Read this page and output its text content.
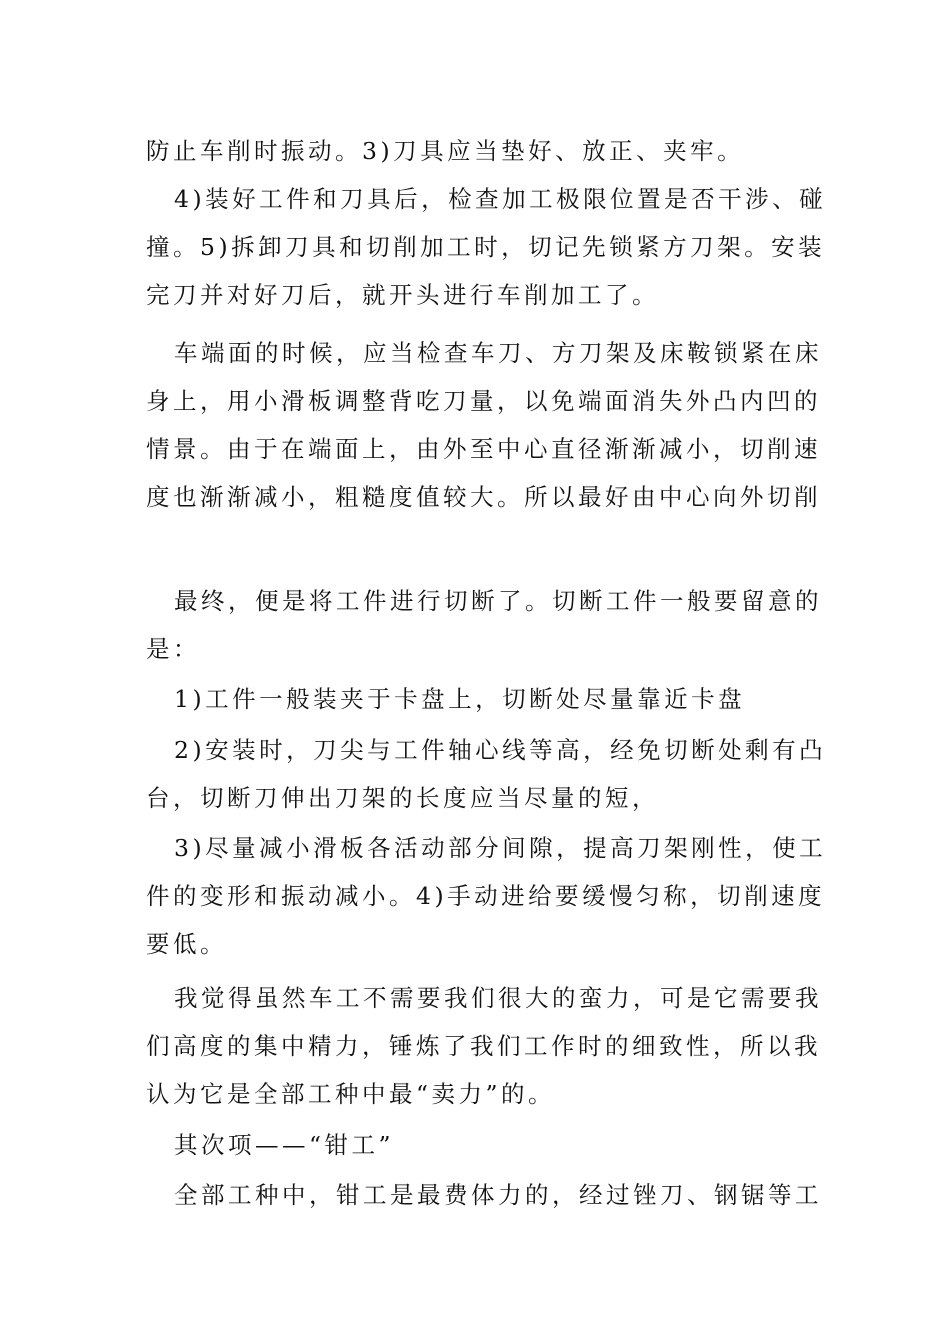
防止车削时振动。3)刀具应当垫好、放正、夹牢。

4)装好工件和刀具后，检查加工极限位置是否干涉、碰
撞。5)拆卸刀具和切削加工时，切记先锁紧方刀架。安装
完刀并对好刀后，就开头进行车削加工了。

车端面的时候，应当检查车刀、方刀架及床鞍锁紧在床
身上，用小滑板调整背吃刀量，以免端面消失外凸内凹的
情景。由于在端面上，由外至中心直径渐渐减小，切削速
度也渐渐减小，粗糙度值较大。所以最好由中心向外切削

最终，便是将工件进行切断了。切断工件一般要留意的
是：

1)工件一般装夹于卡盘上，切断处尽量靠近卡盘

2)安装时，刀尖与工件轴心线等高，经免切断处剩有凸
台，切断刀伸出刀架的长度应当尽量的短，

3)尽量减小滑板各活动部分间隙，提高刀架刚性，使工
件的变形和振动减小。4)手动进给要缓慢匀称，切削速度
要低。

我觉得虽然车工不需要我们很大的蛮力，可是它需要我
们高度的集中精力，锤炼了我们工作时的细致性，所以我
认为它是全部工种中最“卖力”的。

其次项——“钳工”

全部工种中，钳工是最费体力的，经过锉刀、钢锯等工
